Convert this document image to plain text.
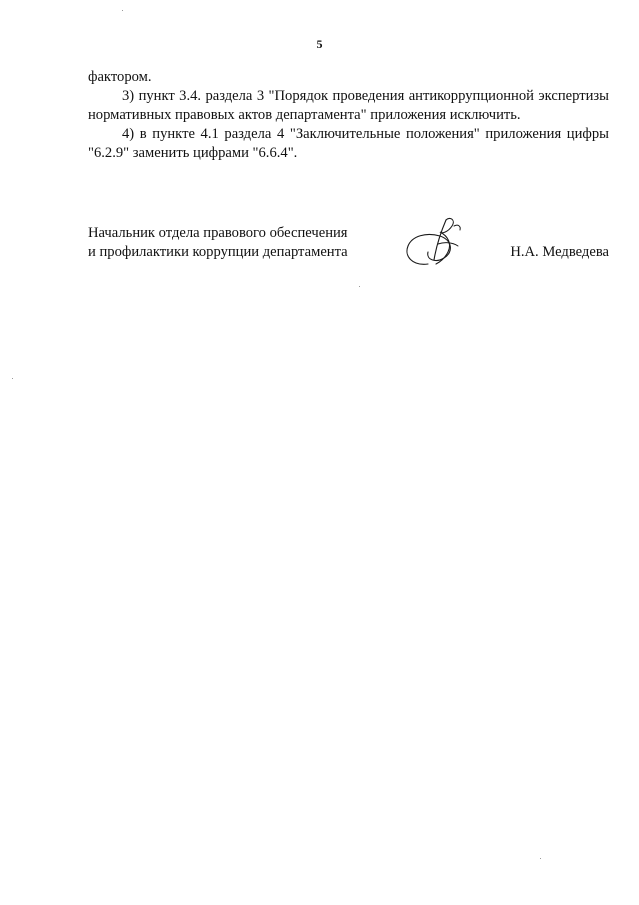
5

фактором.

3) пункт 3.4. раздела 3 "Порядок проведения антикоррупционной экспертизы нормативных правовых актов департамента" приложения исключить.

4) в пункте 4.1 раздела 4 "Заключительные положения" приложения цифры "6.2.9" заменить цифрами "6.6.4".

Начальник отдела правового обеспечения
и профилактики коррупции департамента	Н.А. Медведева
